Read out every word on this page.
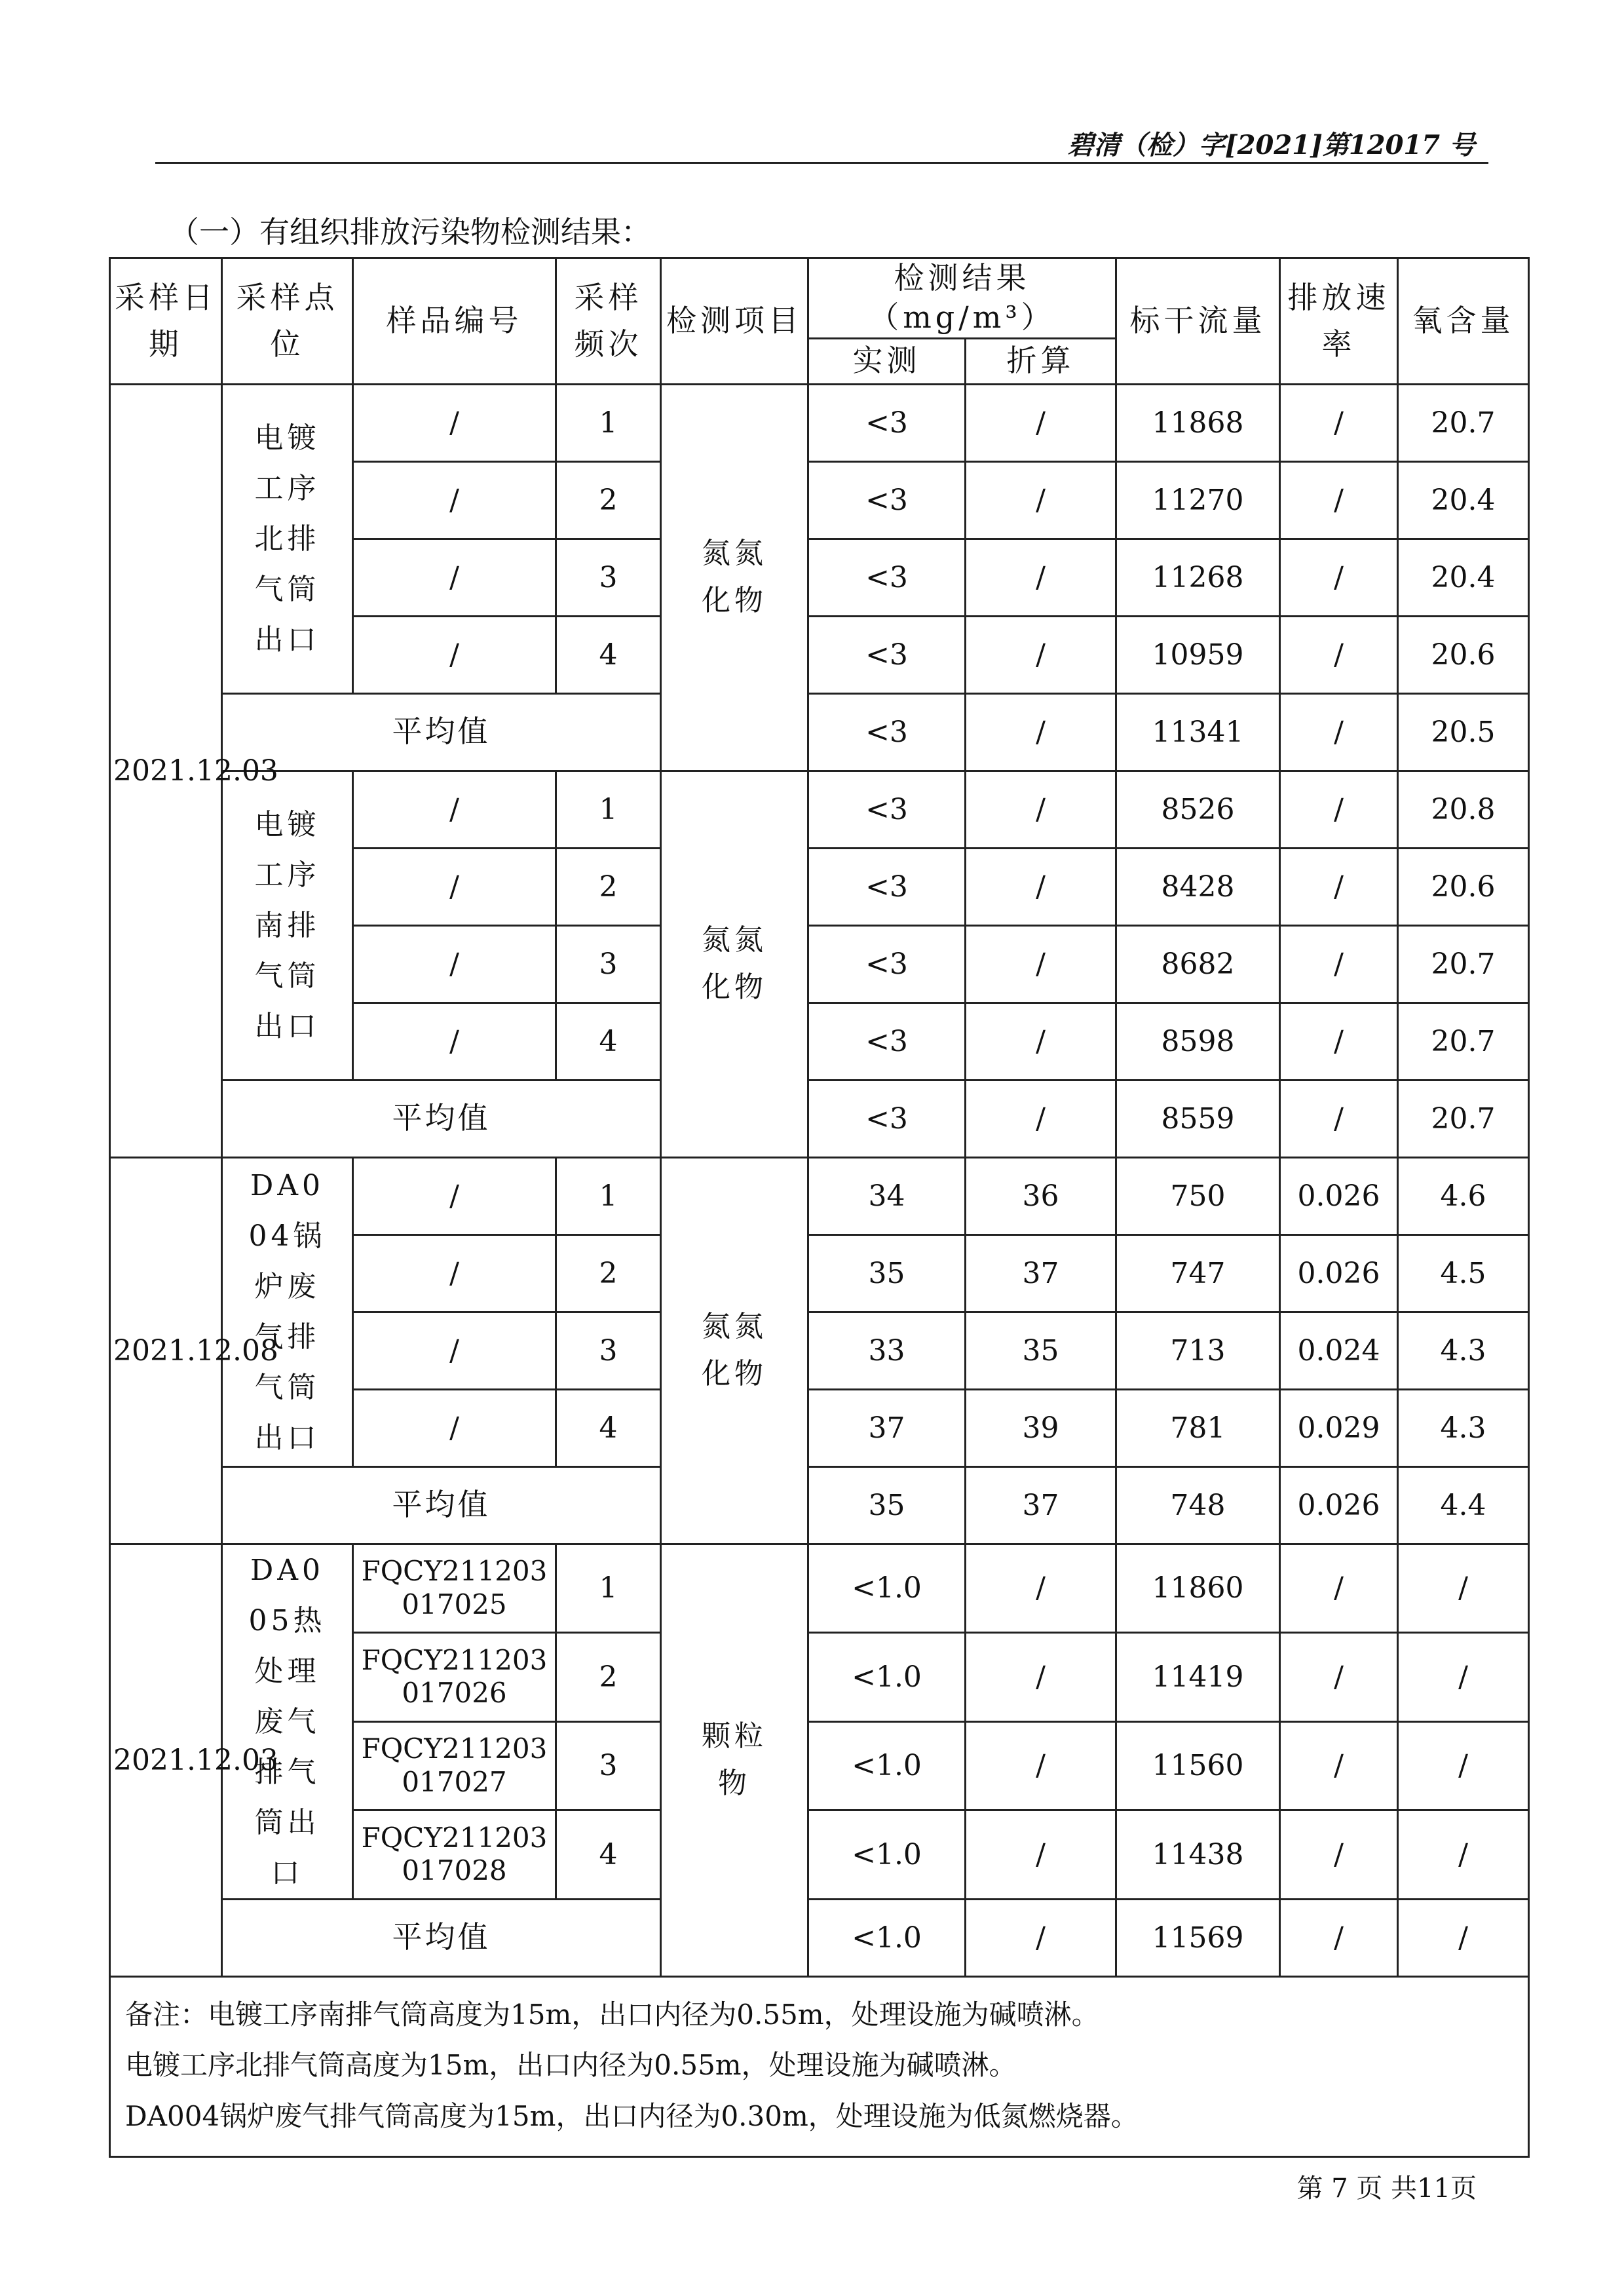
碧清（检）字[2021]第12017 号
（一）有组织排放污染物检测结果：
采样日期	采样点位	样品编号	采样频次	检测项目	检测结果（mg/m³）		标干流量	排放速率	氧含量
					实测	折算			
2021.12.03	电镀工序北排气筒出口	/	1	氮氮化物	<3	/	11868	/	20.7
		/	2		<3	/	11270	/	20.4
		/	3		<3	/	11268	/	20.4
		/	4		<3	/	10959	/	20.6
	平均值				<3	/	11341	/	20.5
	电镀工序南排气筒出口	/	1	氮氮化物	<3	/	8526	/	20.8
		/	2		<3	/	8428	/	20.6
		/	3		<3	/	8682	/	20.7
		/	4		<3	/	8598	/	20.7
	平均值				<3	/	8559	/	20.7
2021.12.08	DA004锅炉废气排气筒出口	/	1	氮氮化物	34	36	750	0.026	4.6
		/	2		35	37	747	0.026	4.5
		/	3		33	35	713	0.024	4.3
		/	4		37	39	781	0.029	4.3
	平均值				35	37	748	0.026	4.4
2021.12.03	DA005热处理废气排气筒出口	FQCY211203017025	1	颗粒物	<1.0	/	11860	/	/
		FQCY211203017026	2		<1.0	/	11419	/	/
		FQCY211203017027	3		<1.0	/	11560	/	/
		FQCY211203017028	4		<1.0	/	11438	/	/
	平均值				<1.0	/	11569	/	/

备注：电镀工序南排气筒高度为15m，出口内径为0.55m，处理设施为碱喷淋。
电镀工序北排气筒高度为15m，出口内径为0.55m，处理设施为碱喷淋。
DA004锅炉废气排气筒高度为15m，出口内径为0.30m，处理设施为低氮燃烧器。									
第 7 页 共11页
